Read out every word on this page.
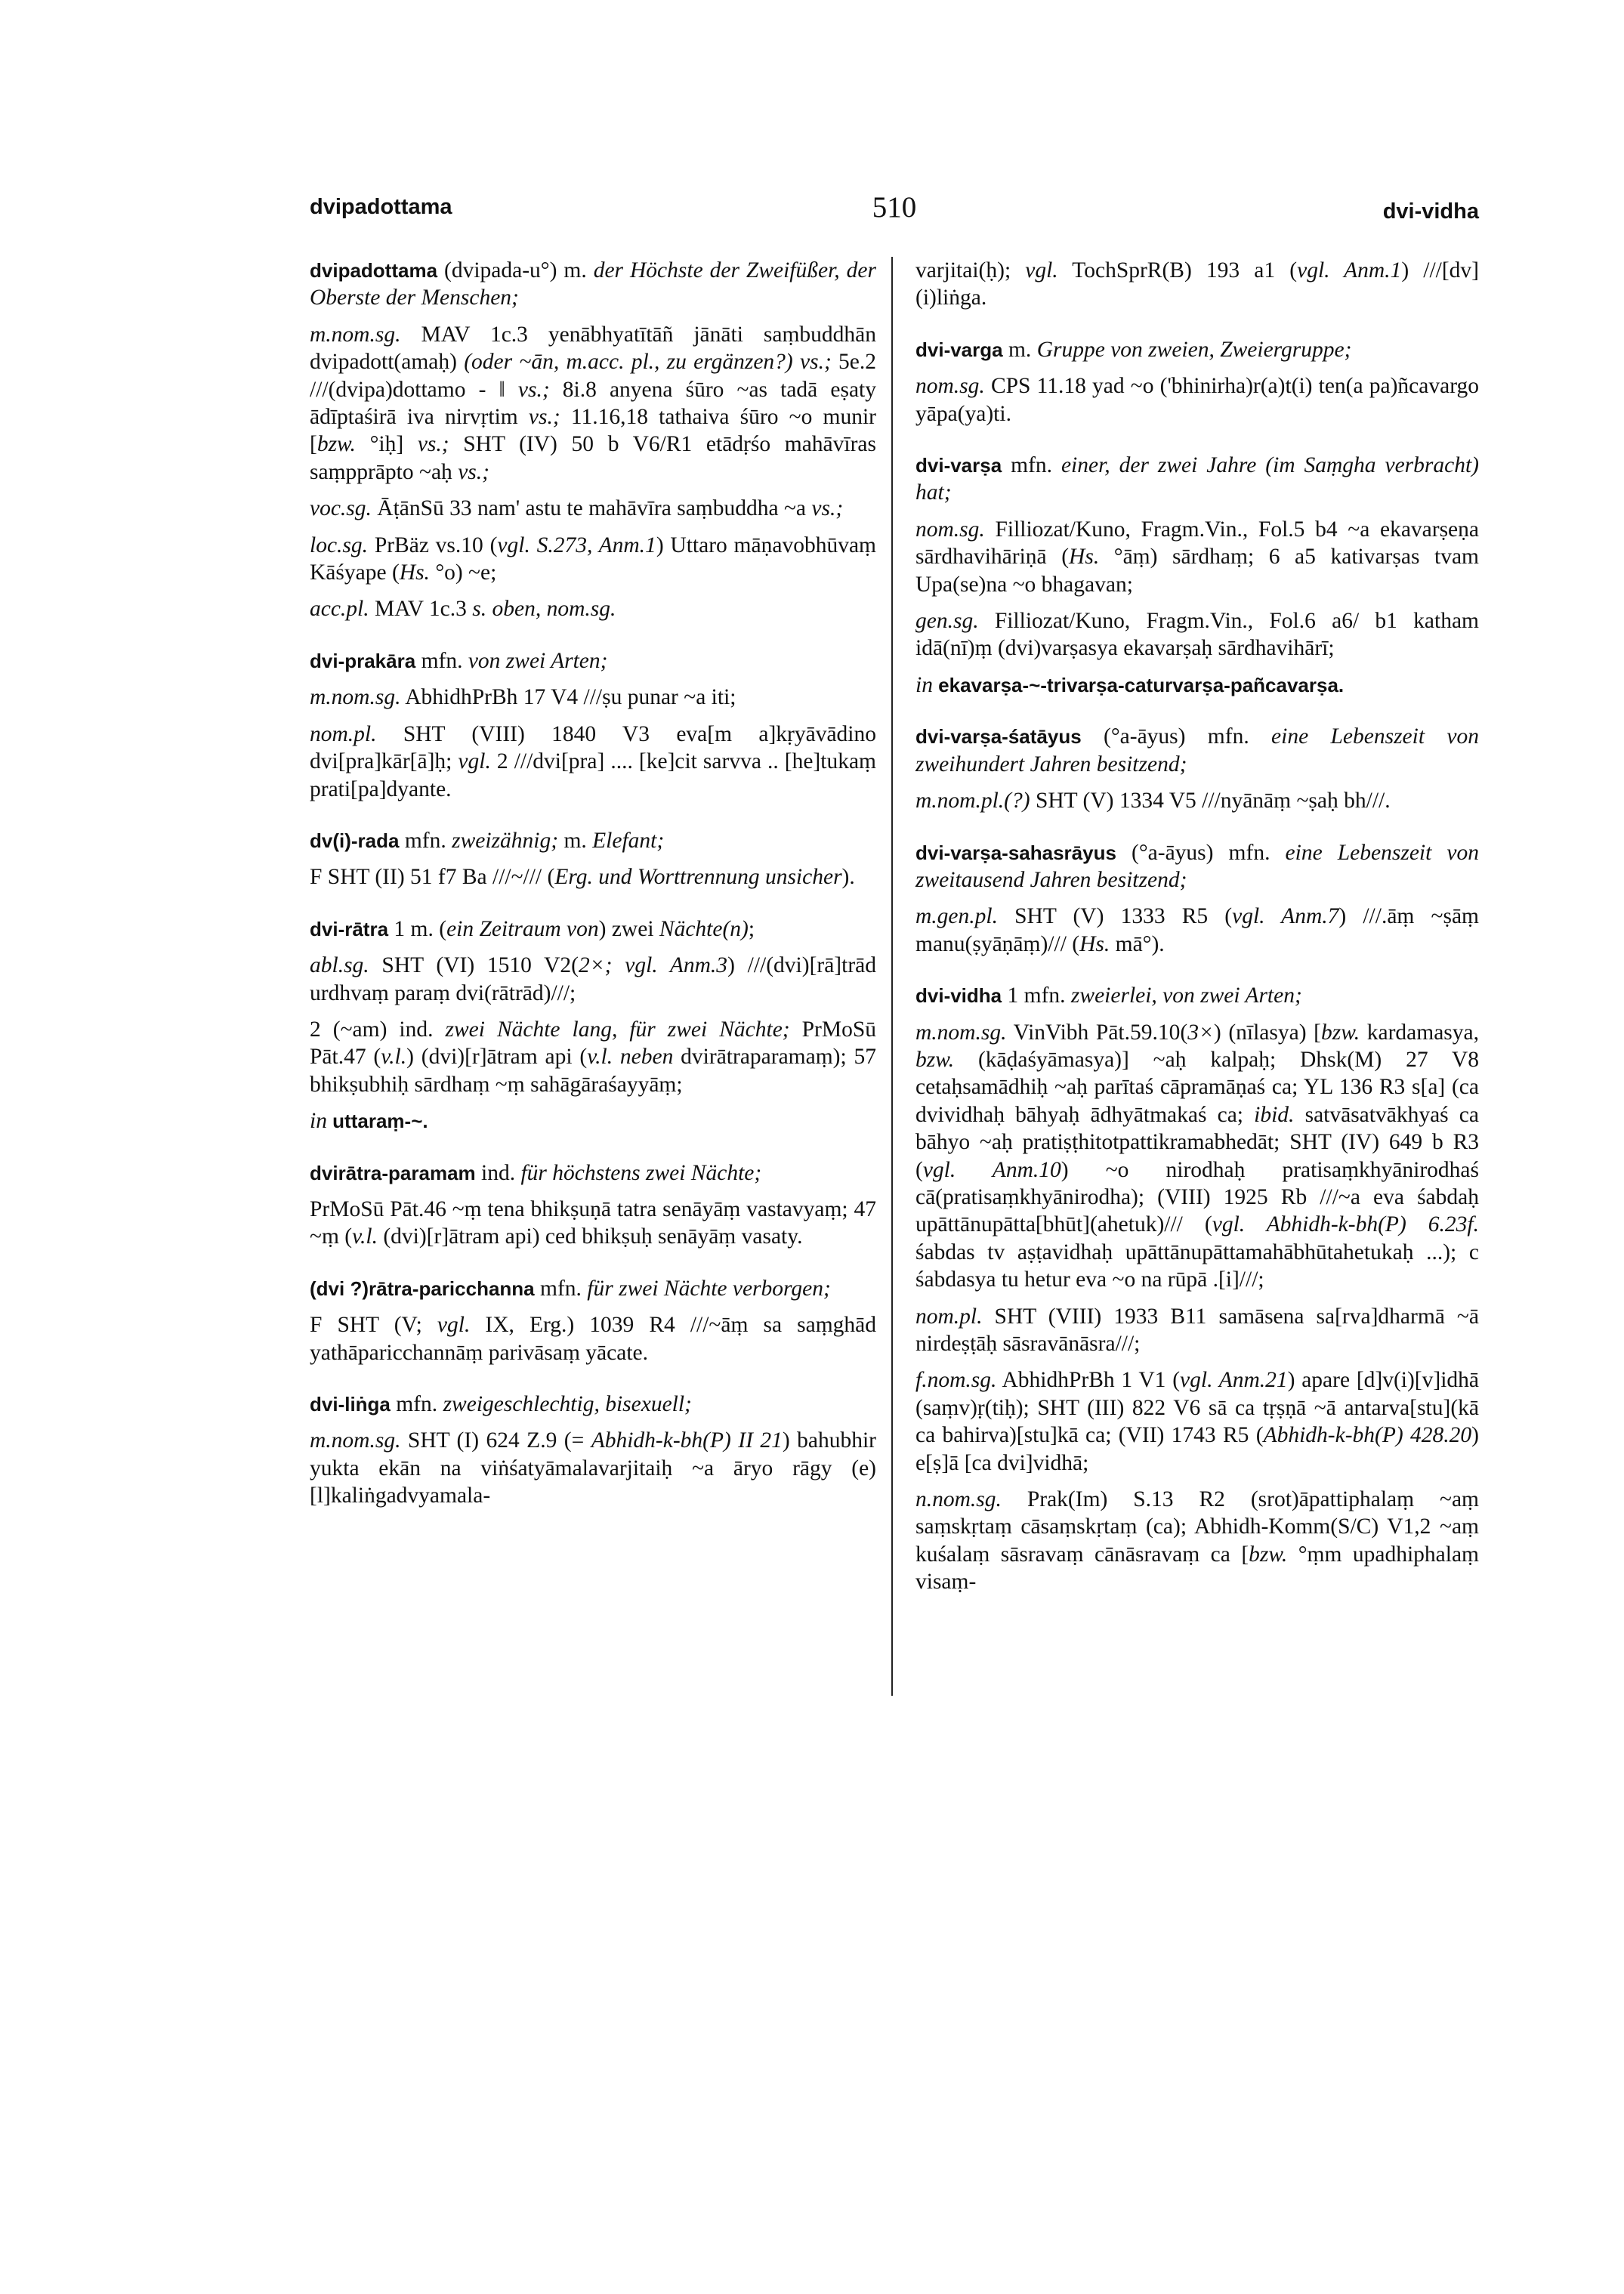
dvipadottama	510	dvi-vidha
dvipadottama (dvipada-u°) m. der Höchste der Zweifüßer, der Oberste der Menschen;
m.nom.sg. MAV 1c.3 yenābhyatītāñ jānāti saṃbuddhān dvipadott(amaḥ) (oder ~ān, m.acc. pl., zu ergänzen?) vs.; 5e.2 ///(dvipa)dottamo - ‖ vs.; 8i.8 anyena śūro ~as tadā eṣaty ādīptaśirā iva nirvṛtim vs.; 11.16,18 tathaiva śūro ~o munir [bzw. °iḥ] vs.; SHT (IV) 50 b V6/R1 etādṛśo mahāvīras saṃpprāpto ~aḥ vs.;
voc.sg. ĀṭānSū 33 nam' astu te mahāvīra saṃbuddha ~a vs.;
loc.sg. PrBäz vs.10 (vgl. S.273, Anm.1) Uttaro māṇavobhūvaṃ Kāśyape (Hs. °o) ~e;
acc.pl. MAV 1c.3 s. oben, nom.sg.
dvi-prakāra mfn. von zwei Arten;
m.nom.sg. AbhidhPrBh 17 V4 ///ṣu punar ~a iti;
nom.pl. SHT (VIII) 1840 V3 eva[m a]kṛyāvādino dvi[pra]kār[ā]ḥ; vgl. 2 ///dvi[pra] .... [ke]cit sarvva .. [he]tukaṃ prati[pa]dyante.
dv(i)-rada mfn. zweizähnig; m. Elefant;
F SHT (II) 51 f7 Ba ///~/// (Erg. und Worttrennung unsicher).
dvi-rātra 1 m. (ein Zeitraum von) zwei Nächte(n);
abl.sg. SHT (VI) 1510 V2(2×; vgl. Anm.3) ///(dvi)[rā]trād urdhvaṃ paraṃ dvi(rātrād)///;
2 (~am) ind. zwei Nächte lang, für zwei Nächte; PrMoSū Pāt.47 (v.l.) (dvi)[r]ātram api (v.l. neben dvirātraparamaṃ); 57 bhikṣubhiḥ sārdhaṃ ~ṃ sahāgāraśayyāṃ;
in uttaraṃ-~.
dvirātra-paramam ind. für höchstens zwei Nächte;
PrMoSū Pāt.46 ~ṃ tena bhikṣuṇā tatra senāyāṃ vastavyaṃ; 47 ~ṃ (v.l. (dvi)[r]ātram api) ced bhikṣuḥ senāyāṃ vasaty.
(dvi ?)rātra-paricchanna mfn. für zwei Nächte verborgen;
F SHT (V; vgl. IX, Erg.) 1039 R4 ///~āṃ sa saṃghād yathāparicchannāṃ parivāsaṃ yācate.
dvi-liṅga mfn. zweigeschlechtig, bisexuell;
m.nom.sg. SHT (I) 624 Z.9 (= Abhidh-k-bh(P) II 21) bahubhir yukta ekān na viṅśatyāmalavarjitaiḥ ~a āryo rāgy (e)[l]kaliṅgadvyamala-
varjitai(ḥ); vgl. TochSprR(B) 193 a1 (vgl. Anm.1) ///[dv](i)liṅga.
dvi-varga m. Gruppe von zweien, Zweiergruppe;
nom.sg. CPS 11.18 yad ~o ('bhinirha)r(a)t(i) ten(a pa)ñcavargo yāpa(ya)ti.
dvi-varṣa mfn. einer, der zwei Jahre (im Saṃgha verbracht) hat;
nom.sg. Filliozat/Kuno, Fragm.Vin., Fol.5 b4 ~a ekavarṣeṇa sārdhavihāriṇā (Hs. °āṃ) sārdhaṃ; 6 a5 kativarṣas tvam Upa(se)na ~o bhagavan;
gen.sg. Filliozat/Kuno, Fragm.Vin., Fol.6 a6/ b1 katham idā(nī)ṃ (dvi)varṣasya ekavarṣaḥ sārdhavihārī;
in ekavarṣa-~-trivarṣa-caturvarṣa-pañcavarṣa.
dvi-varṣa-śatāyus (°a-āyus) mfn. eine Lebenszeit von zweihundert Jahren besitzend;
m.nom.pl.(?) SHT (V) 1334 V5 ///nyānāṃ ~ṣaḥ bh///.
dvi-varṣa-sahasrāyus (°a-āyus) mfn. eine Lebenszeit von zweitausend Jahren besitzend;
m.gen.pl. SHT (V) 1333 R5 (vgl. Anm.7) ///.āṃ ~ṣāṃ manu(ṣyāṇāṃ)/// (Hs. mā°).
dvi-vidha 1 mfn. zweierlei, von zwei Arten;
m.nom.sg. VinVibh Pāt.59.10(3×) (nīlasya) [bzw. kardamasya, bzw. (kāḍaśyāmasya)] ~aḥ kalpaḥ; Dhsk(M) 27 V8 cetaḥsamādhiḥ ~aḥ parītaś cāpramāṇaś ca; YL 136 R3 s[a] (ca dvividhaḥ bāhyaḥ ādhyātmakaś ca; ibid. satvāsatvākhyaś ca bāhyo ~aḥ pratiṣṭhitotpattikramabhedāt; SHT (IV) 649 b R3 (vgl. Anm.10) ~o nirodhaḥ pratisaṃkhyānirodhaś cā(pratisaṃkhyānirodha); (VIII) 1925 Rb ///~a eva śabdaḥ upāttānupātta[bhūt](ahetuk)/// (vgl. Abhidh-k-bh(P) 6.23f. śabdas tv aṣṭavidhaḥ upāttānupāttamahābhūtahetukaḥ ...); c śabdasya tu hetur eva ~o na rūpā .[i]///;
nom.pl. SHT (VIII) 1933 B11 samāsena sa[rva]dharmā ~ā nirdeṣṭāḥ sāsravānāsra///;
f.nom.sg. AbhidhPrBh 1 V1 (vgl. Anm.21) apare [d]v(i)[v]idhā (saṃv)ṛ(tiḥ); SHT (III) 822 V6 sā ca tṛṣṇā ~ā antarva[stu](kā ca bahirva)[stu]kā ca; (VII) 1743 R5 (Abhidh-k-bh(P) 428.20) e[ṣ]ā [ca dvi]vidhā;
n.nom.sg. Prak(Im) S.13 R2 (srot)āpattiphalaṃ ~aṃ saṃskṛtaṃ cāsaṃskṛtaṃ (ca); Abhidh-Komm(S/C) V1,2 ~aṃ kuśalaṃ sāsravaṃ cānāsravaṃ ca [bzw. °ṃm upadhiphalaṃ visaṃ-
